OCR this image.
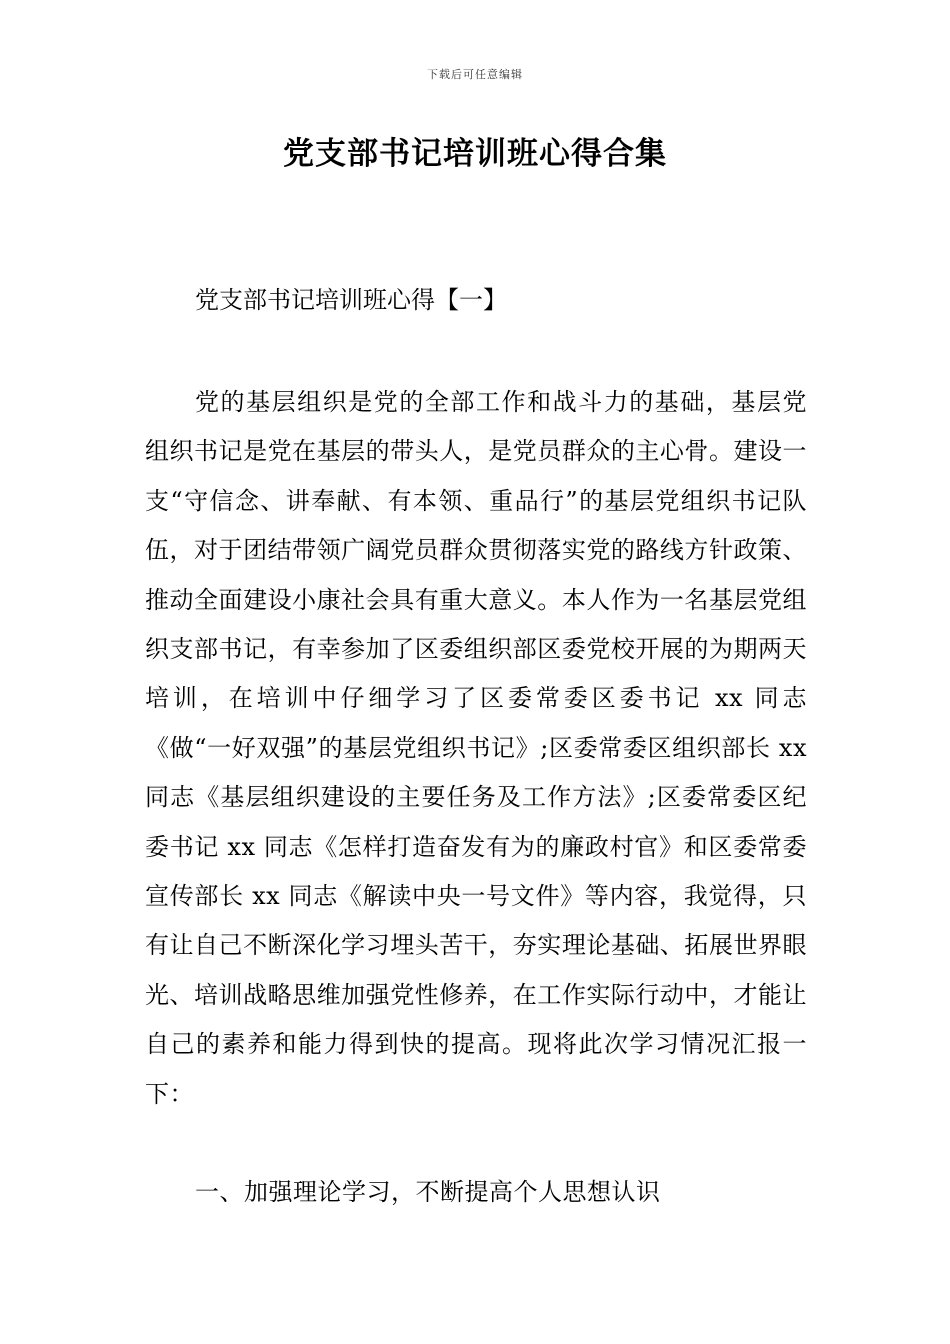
下载后可任意编辑
党支部书记培训班心得合集

党支部书记培训班心得【一】

党的基层组织是党的全部工作和战斗力的基础，基层党组织书记是党在基层的带头人，是党员群众的主心骨。建设一支“守信念、讲奉献、有本领、重品行”的基层党组织书记队伍，对于团结带领广阔党员群众贯彻落实党的路线方针政策、推动全面建设小康社会具有重大意义。本人作为一名基层党组织支部书记，有幸参加了区委组织部区委党校开展的为期两天培训，在培训中仔细学习了区委常委区委书记 xx 同志《做“一好双强”的基层党组织书记》;区委常委区组织部长 xx 同志《基层组织建设的主要任务及工作方法》;区委常委区纪委书记 xx 同志《怎样打造奋发有为的廉政村官》和区委常委宣传部长 xx 同志《解读中央一号文件》等内容，我觉得，只有让自己不断深化学习埋头苦干，夯实理论基础、拓展世界眼光、培训战略思维加强党性修养，在工作实际行动中，才能让自己的素养和能力得到快的提高。现将此次学习情况汇报一下：

一、加强理论学习，不断提高个人思想认识
